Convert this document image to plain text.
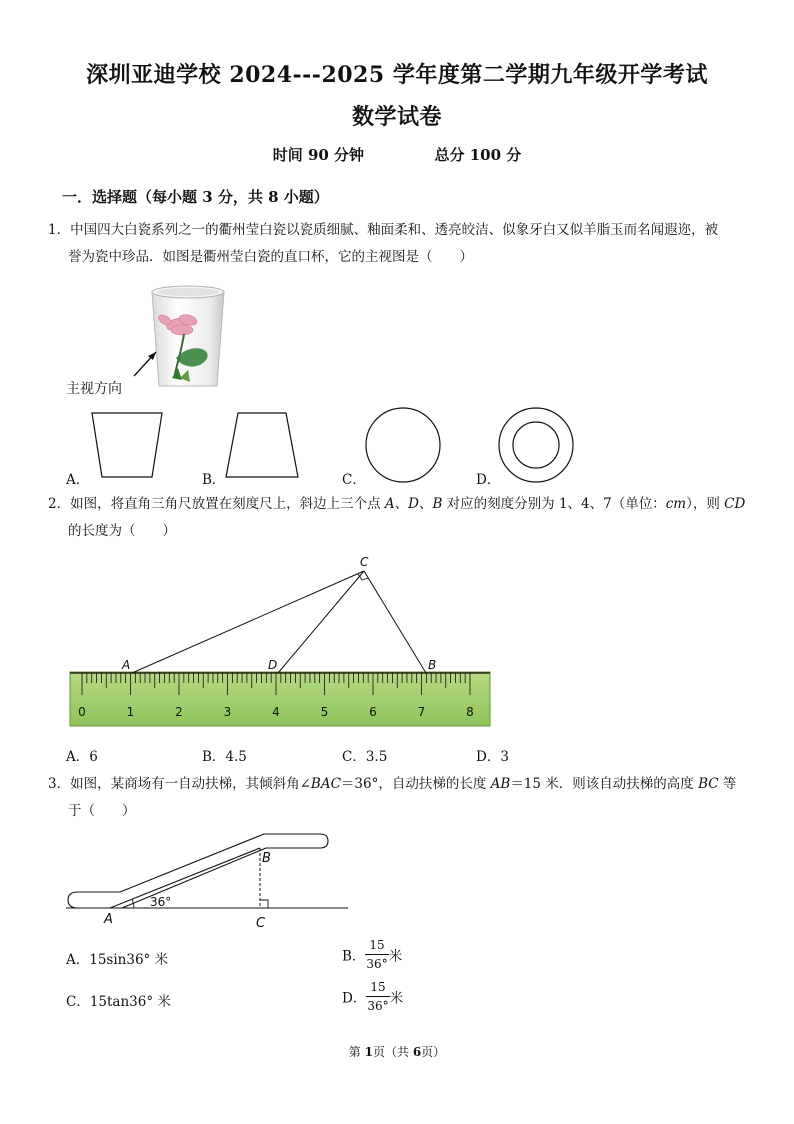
深圳亚迪学校 2024---2025 学年度第二学期九年级开学考试
数学试卷
时间 90 分钟	总分 100 分
一．选择题（每小题 3 分，共 8 小题）
1．中国四大白瓷系列之一的衢州莹白瓷以瓷质细腻、釉面柔和、透亮皎洁、似象牙白又似羊脂玉而名闻遐迩，被
誉为瓷中珍品．如图是衢州莹白瓷的直口杯，它的主视图是（　　）
主视方向
A．	B．	C．	D．
2．如图，将直角三角尺放置在刻度尺上，斜边上三个点 A、D、B 对应的刻度分别为 1、4、7（单位：cm），则 CD
的长度为（　　）
0	1	2	3	4	5	6	7	8
C
A	D	B
A．6	B．4.5	C．3.5	D．3
3．如图，某商场有一自动扶梯，其倾斜角∠BAC＝36°，自动扶梯的长度 AB＝15 米．则该自动扶梯的高度 BC 等
于（　　）
36°
A
B
C
A．15sin36° 米	B． $\frac{15}{36^\circ}$ 米
C．15tan36° 米	D． $\frac{15}{36^\circ}$ 米
第 1页（共 6页）
